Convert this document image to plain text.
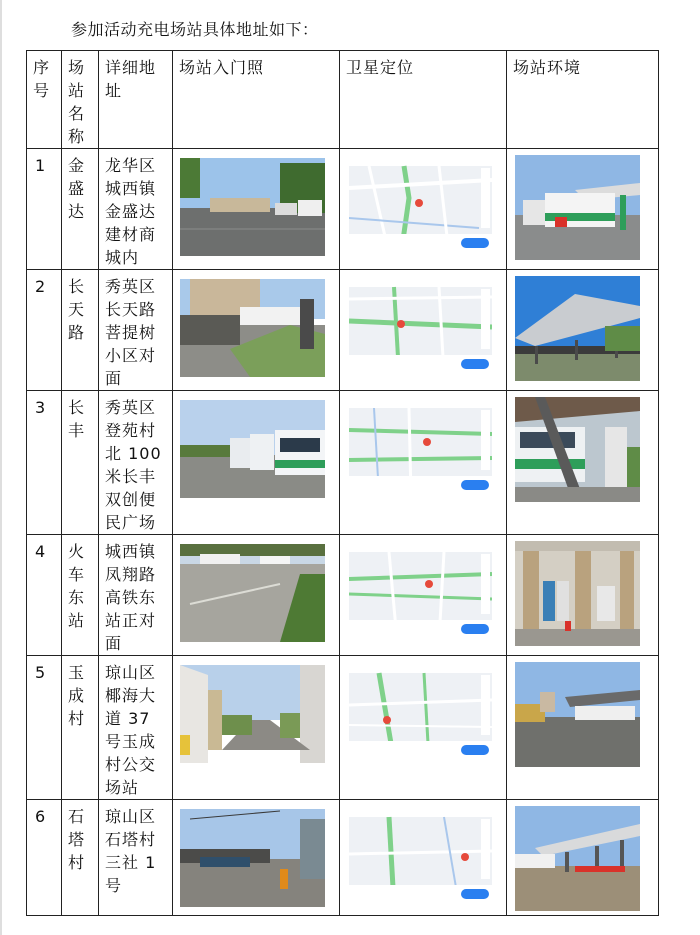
参加活动充电场站具体地址如下：
序号	场站名称	详细地址	场站入门照	卫星定位	场站环境

1	金盛达	龙华区城西镇金盛达建材商城内

2	长天路	秀英区长天路菩提树小区对面

3	长丰	秀英区登苑村北 100 米长丰双创便民广场

4	火车东站	城西镇凤翔路高铁东站正对面

5	玉成村	琼山区椰海大道 37 号玉成村公交场站

6	石塔村	琼山区石塔村三社 1 号
